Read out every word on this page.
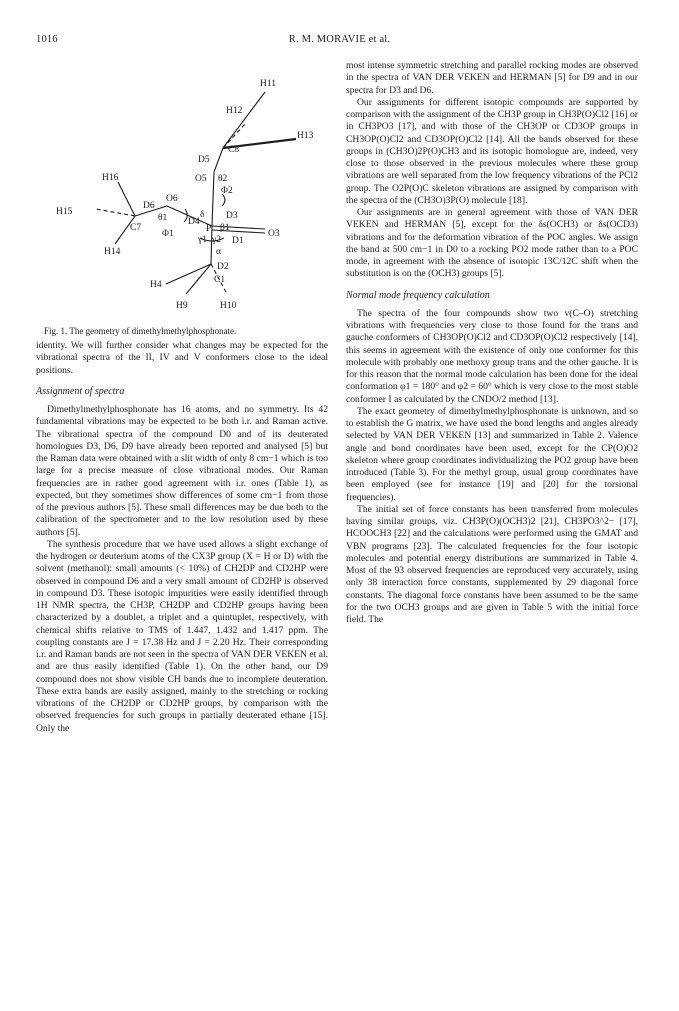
1016	R. M. MORAVIE et al.
H11
H12
H13
C8
D5
H16	O5 θ2
Φ2
D6
O6
H15
C7
θ1	δ D3
D4
β1
Φ1	P	O3
γ1 γ2 D1
α
H14
D2
C1
H4
H9	H10
Fig. 1. The geometry of dimethylmethylphosphonate.

identity. We will further consider what changes may be expected for the vibrational spectra of the II, IV and V conformers close to the ideal positions.

Assignment of spectra

Dimethylmethylphosphonate has 16 atoms, and no symmetry. Its 42 fundamental vibrations may be expected to be both i.r. and Raman active. The vibrational spectra of the compound D0 and of its deuterated homologues D3, D6, D9 have already been reported and analysed [5] but the Raman data were obtained with a slit width of only 8 cm−1 which is too large for a precise measure of close vibrational modes. Our Raman frequencies are in rather good agreement with i.r. ones (Table 1), as expected, but they sometimes show differences of some cm−1 from those of the previous authors [5]. These small differences may be due both to the calibration of the spectrometer and to the low resolution used by these authors [5].

The synthesis procedure that we have used allows a slight exchange of the hydrogen or deuterium atoms of the CX3P group (X = H or D) with the solvent (methanol): small amounts (< 10%) of CH2DP and CD2HP were observed in compound D6 and a very small amount of CD2HP is observed in compound D3. These isotopic impurities were easily identified through 1H NMR spectra, the CH3P, CH2DP and CD2HP groups having been characterized by a doublet, a triplet and a quintuplet, respectively, with chemical shifts relative to TMS of 1.447, 1.432 and 1.417 ppm. The coupling constants are J = 17.38 Hz and J = 2.20 Hz. Their corresponding i.r. and Raman bands are not seen in the spectra of VAN DER VEKEN et al. and are thus easily identified (Table 1). On the other hand, our D9 compound does not show visible CH bands due to incomplete deuteration. These extra bands are easily assigned, mainly to the stretching or rocking vibrations of the CH2DP or CD2HP groups, by comparison with the observed frequencies for such groups in partially deuterated ethane [15]. Only the

most intense symmetric stretching and parallel rocking modes are observed in the spectra of VAN DER VEKEN and HERMAN [5] for D9 and in our spectra for D3 and D6.

Our assignments for different isotopic compounds are supported by comparison with the assignment of the CH3P group in CH3P(O)Cl2 [16] or in CH3PO3 [17], and with those of the CH3OP or CD3OP groups in CH3OP(O)Cl2 and CD3OP(O)Cl2 [14]. All the bands observed for these groups in (CH3O)2P(O)CH3 and its isotopic homologue are, indeed, very close to those observed in the previous molecules where these group vibrations are well separated from the low frequency vibrations of the PCl2 group. The O2P(O)C skeleton vibrations are assigned by comparison with the spectra of the (CH3O)3P(O) molecule [18].

Our assignments are in general agreement with those of VAN DER VEKEN and HERMAN [5], except for the δs(OCH3) or δs(OCD3) vibrations and for the deformation vibration of the POC angles. We assign the band at 500 cm−1 in D0 to a rocking PO2 mode rather than to a POC mode, in agreement with the absence of isotopic 13C/12C shift when the substitution is on the (OCH3) groups [5].

Normal mode frequency calculation

The spectra of the four compounds show two v(C–O) stretching vibrations with frequencies very close to those found for the trans and gauche conformers of CH3OP(O)Cl2 and CD3OP(O)Cl2 respectively [14], this seems in agreement with the existence of only one conformer for this molecule with probably one methoxy group trans and the other gauche. It is for this reason that the normal mode calculation has been done for the ideal conformation φ1 = 180° and φ2 = 60° which is very close to the most stable conformer I as calculated by the CNDO/2 method [13].

The exact geometry of dimethylmethylphosphonate is unknown, and so to establish the G matrix, we have used the bond lengths and angles already selected by VAN DER VEKEN [13] and summarized in Table 2. Valence angle and bond coordinates have been used, except for the CP(O)O2 skeleton where group coordinates individualizing the PO2 group have been introduced (Table 3). For the methyl group, usual group coordinates have been employed (see for instance [19] and [20] for the torsional frequencies).

The initial set of force constants has been transferred from molecules having similar groups, viz. CH3P(O)(OCH3)2 [21], CH3PO3^2− [17], HCOOCH3 [22] and the calculations were performed using the GMAT and VBN programs [23]. The calculated frequencies for the four isotopic molecules and potential energy distributions are summarized in Table 4. Most of the 93 observed frequencies are reproduced very accurately, using only 38 interaction force constants, supplemented by 29 diagonal force constants. The diagonal force constants have been assumed to be the same for the two OCH3 groups and are given in Table 5 with the initial force field. The
